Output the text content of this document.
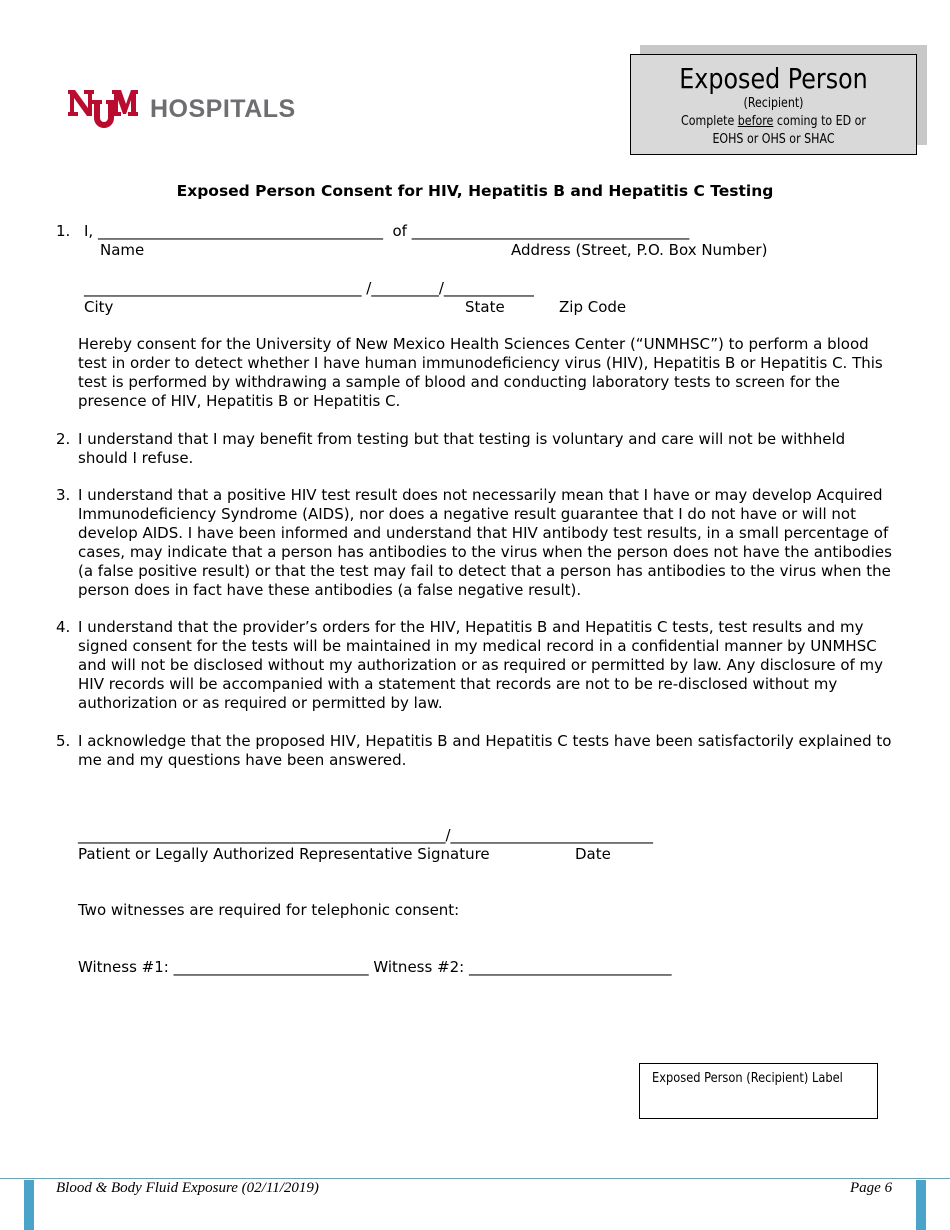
HOSPITALS
Exposed Person
(Recipient)
Complete before coming to ED or
EOHS or OHS or SHAC
Exposed Person Consent for HIV, Hepatitis B and Hepatitis C Testing
1. I, ______________________________________  of _____________________________________
Name	Address (Street, P.O. Box Number)
_____________________________________ /_________/____________
City	State	Zip Code
Hereby consent for the University of New Mexico Health Sciences Center (“UNMHSC”) to perform a blood test in order to detect whether I have human immunodeficiency virus (HIV), Hepatitis B or Hepatitis C. This test is performed by withdrawing a sample of blood and conducting laboratory tests to screen for the presence of HIV, Hepatitis B or Hepatitis C.
2. I understand that I may benefit from testing but that testing is voluntary and care will not be withheld should I refuse.
3. I understand that a positive HIV test result does not necessarily mean that I have or may develop Acquired Immunodeficiency Syndrome (AIDS), nor does a negative result guarantee that I do not have or will not develop AIDS. I have been informed and understand that HIV antibody test results, in a small percentage of cases, may indicate that a person has antibodies to the virus when the person does not have the antibodies (a false positive result) or that the test may fail to detect that a person has antibodies to the virus when the person does in fact have these antibodies (a false negative result).
4. I understand that the provider’s orders for the HIV, Hepatitis B and Hepatitis C tests, test results and my signed consent for the tests will be maintained in my medical record in a confidential manner by UNMHSC and will not be disclosed without my authorization or as required or permitted by law. Any disclosure of my HIV records will be accompanied with a statement that records are not to be re-disclosed without my authorization or as required or permitted by law.
5. I acknowledge that the proposed HIV, Hepatitis B and Hepatitis C tests have been satisfactorily explained to me and my questions have been answered.
_________________________________________________/___________________________
Patient or Legally Authorized Representative Signature	Date
Two witnesses are required for telephonic consent:
Witness #1: __________________________ Witness #2: ___________________________
Exposed Person (Recipient) Label
Blood & Body Fluid Exposure (02/11/2019)	Page 6
